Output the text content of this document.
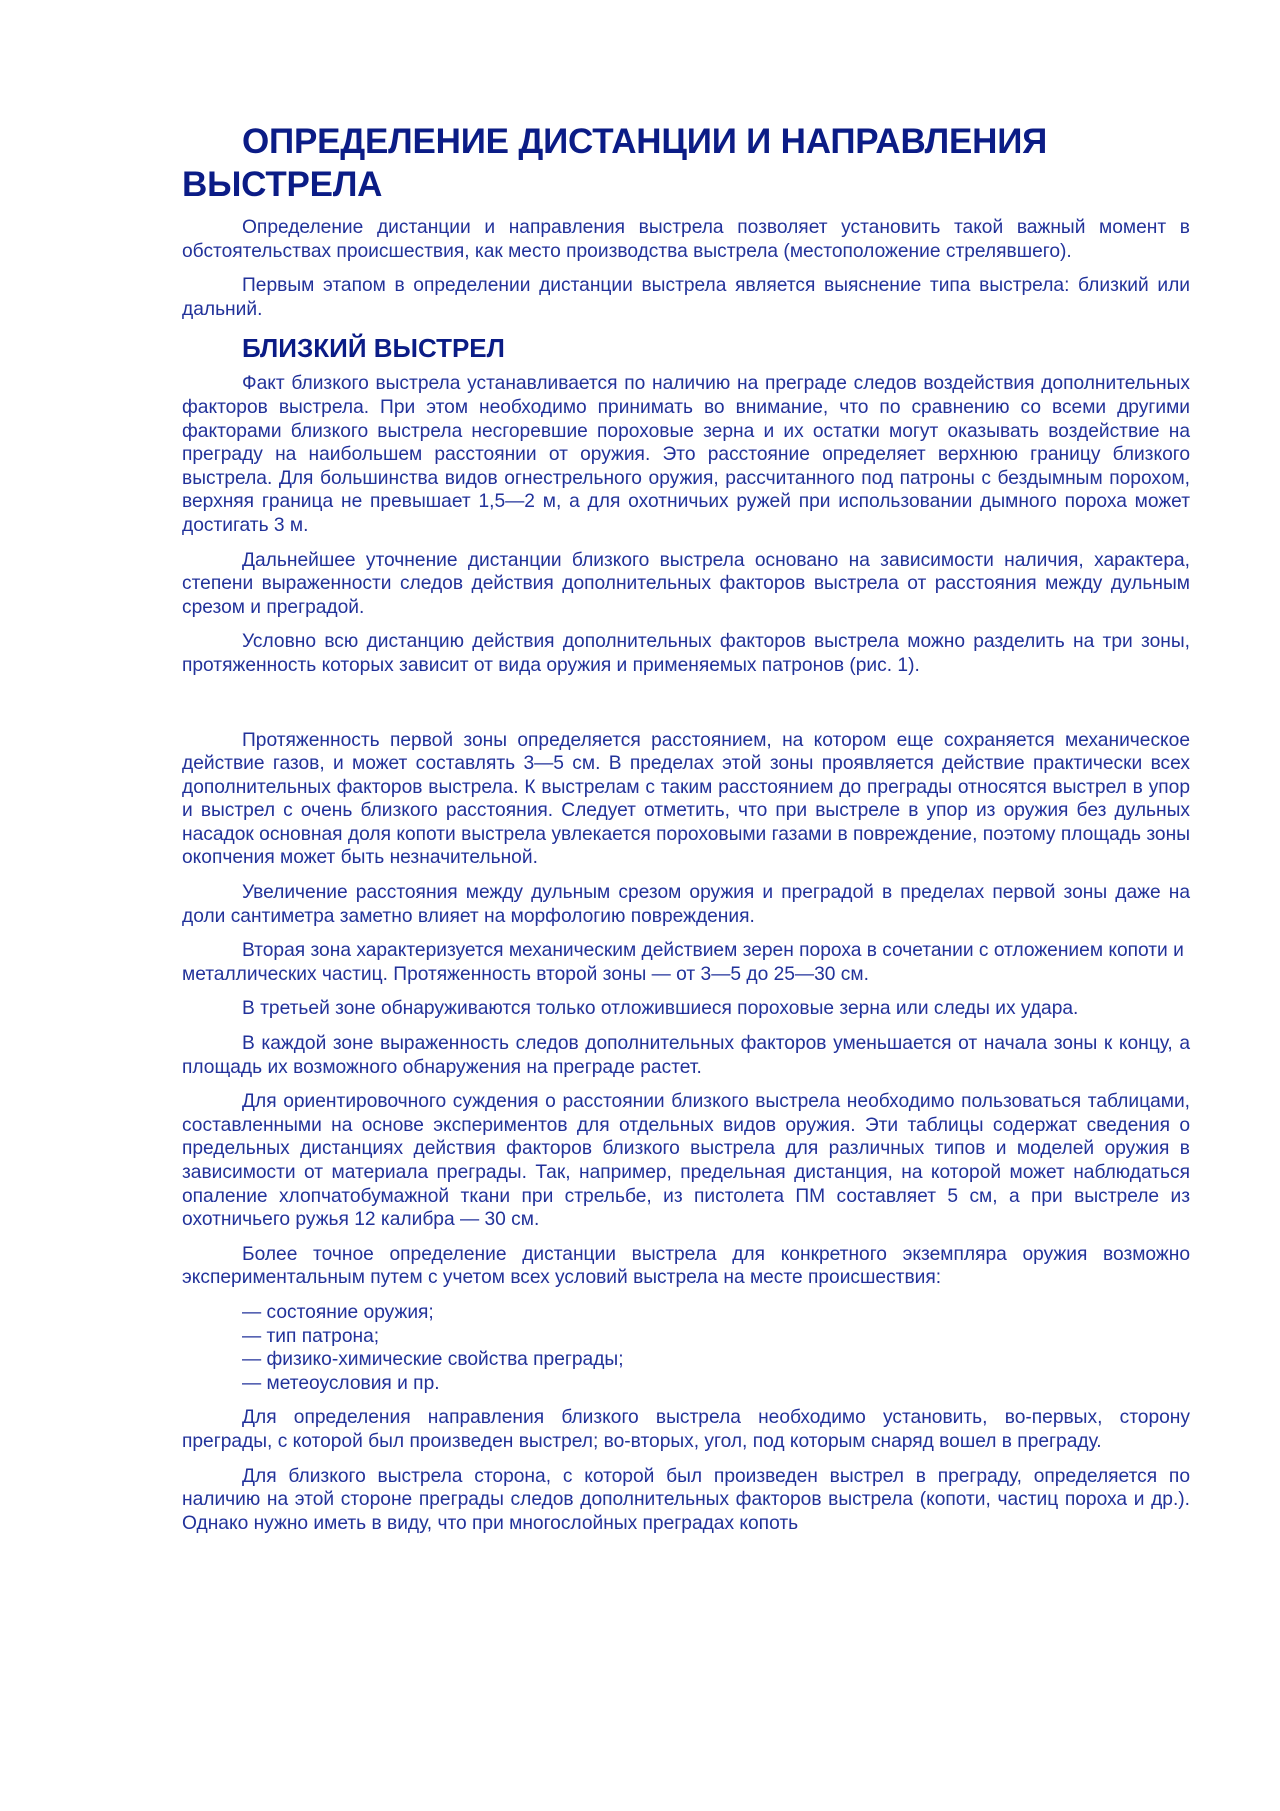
ОПРЕДЕЛЕНИЕ ДИСТАНЦИИ И НАПРАВЛЕНИЯ ВЫСТРЕЛА

Определение дистанции и направления выстрела позволяет установить такой важный момент в обстоятельствах происшествия, как место производства выстрела (местоположение стрелявшего).

Первым этапом в определении дистанции выстрела является выяснение типа выстрела: близкий или дальний.

БЛИЗКИЙ ВЫСТРЕЛ

Факт близкого выстрела устанавливается по наличию на преграде следов воздействия дополнительных факторов выстрела. При этом необходимо принимать во внимание, что по сравнению со всеми другими факторами близкого выстрела несгоревшие пороховые зерна и их остатки могут оказывать воздействие на преграду на наибольшем расстоянии от оружия. Это расстояние определяет верхнюю границу близкого выстрела. Для большинства видов огнестрельного оружия, рассчитанного под патроны с бездымным порохом, верхняя граница не превышает 1,5—2 м, а для охотничьих ружей при использовании дымного пороха может достигать 3 м.

Дальнейшее уточнение дистанции близкого выстрела основано на зависимости наличия, характера, степени выраженности следов действия дополнительных факторов выстрела от расстояния между дульным срезом и преградой.

Условно всю дистанцию действия дополнительных факторов выстрела можно разделить на три зоны, протяженность которых зависит от вида оружия и применяемых патронов (рис. 1).

Протяженность первой зоны определяется расстоянием, на котором еще сохраняется механическое действие газов, и может составлять 3—5 см. В пределах этой зоны проявляется действие практически всех дополнительных факторов выстрела. К выстрелам с таким расстоянием до преграды относятся выстрел в упор и выстрел с очень близкого расстояния. Следует отметить, что при выстреле в упор из оружия без дульных насадок основная доля копоти выстрела увлекается пороховыми газами в повреждение, поэтому площадь зоны окопчения может быть незначительной.

Увеличение расстояния между дульным срезом оружия и преградой в пределах первой зоны даже на доли сантиметра заметно влияет на морфологию повреждения.

Вторая зона характеризуется механическим действием зерен пороха в сочетании с отложением копоти и металлических частиц. Протяженность второй зоны — от 3—5 до 25—30 см.

В третьей зоне обнаруживаются только отложившиеся пороховые зерна или следы их удара.

В каждой зоне выраженность следов дополнительных факторов уменьшается от начала зоны к концу, а площадь их возможного обнаружения на преграде растет.

Для ориентировочного суждения о расстоянии близкого выстрела необходимо пользоваться таблицами, составленными на основе экспериментов для отдельных видов оружия. Эти таблицы содержат сведения о предельных дистанциях действия факторов близкого выстрела для различных типов и моделей оружия в зависимости от материала преграды. Так, например, предельная дистанция, на которой может наблюдаться опаление хлопчатобумажной ткани при стрельбе, из пистолета ПМ составляет 5 см, а при выстреле из охотничьего ружья 12 калибра — 30 см.

Более точное определение дистанции выстрела для конкретного экземпляра оружия возможно экспериментальным путем с учетом всех условий выстрела на месте происшествия:

— состояние оружия;
— тип патрона;
— физико-химические свойства преграды;
— метеоусловия и пр.

Для определения направления близкого выстрела необходимо установить, во-первых, сторону преграды, с которой был произведен выстрел; во-вторых, угол, под которым снаряд вошел в преграду.

Для близкого выстрела сторона, с которой был произведен выстрел в преграду, определяется по наличию на этой стороне преграды следов дополнительных факторов выстрела (копоти, частиц пороха и др.). Однако нужно иметь в виду, что при многослойных преградах копоть
